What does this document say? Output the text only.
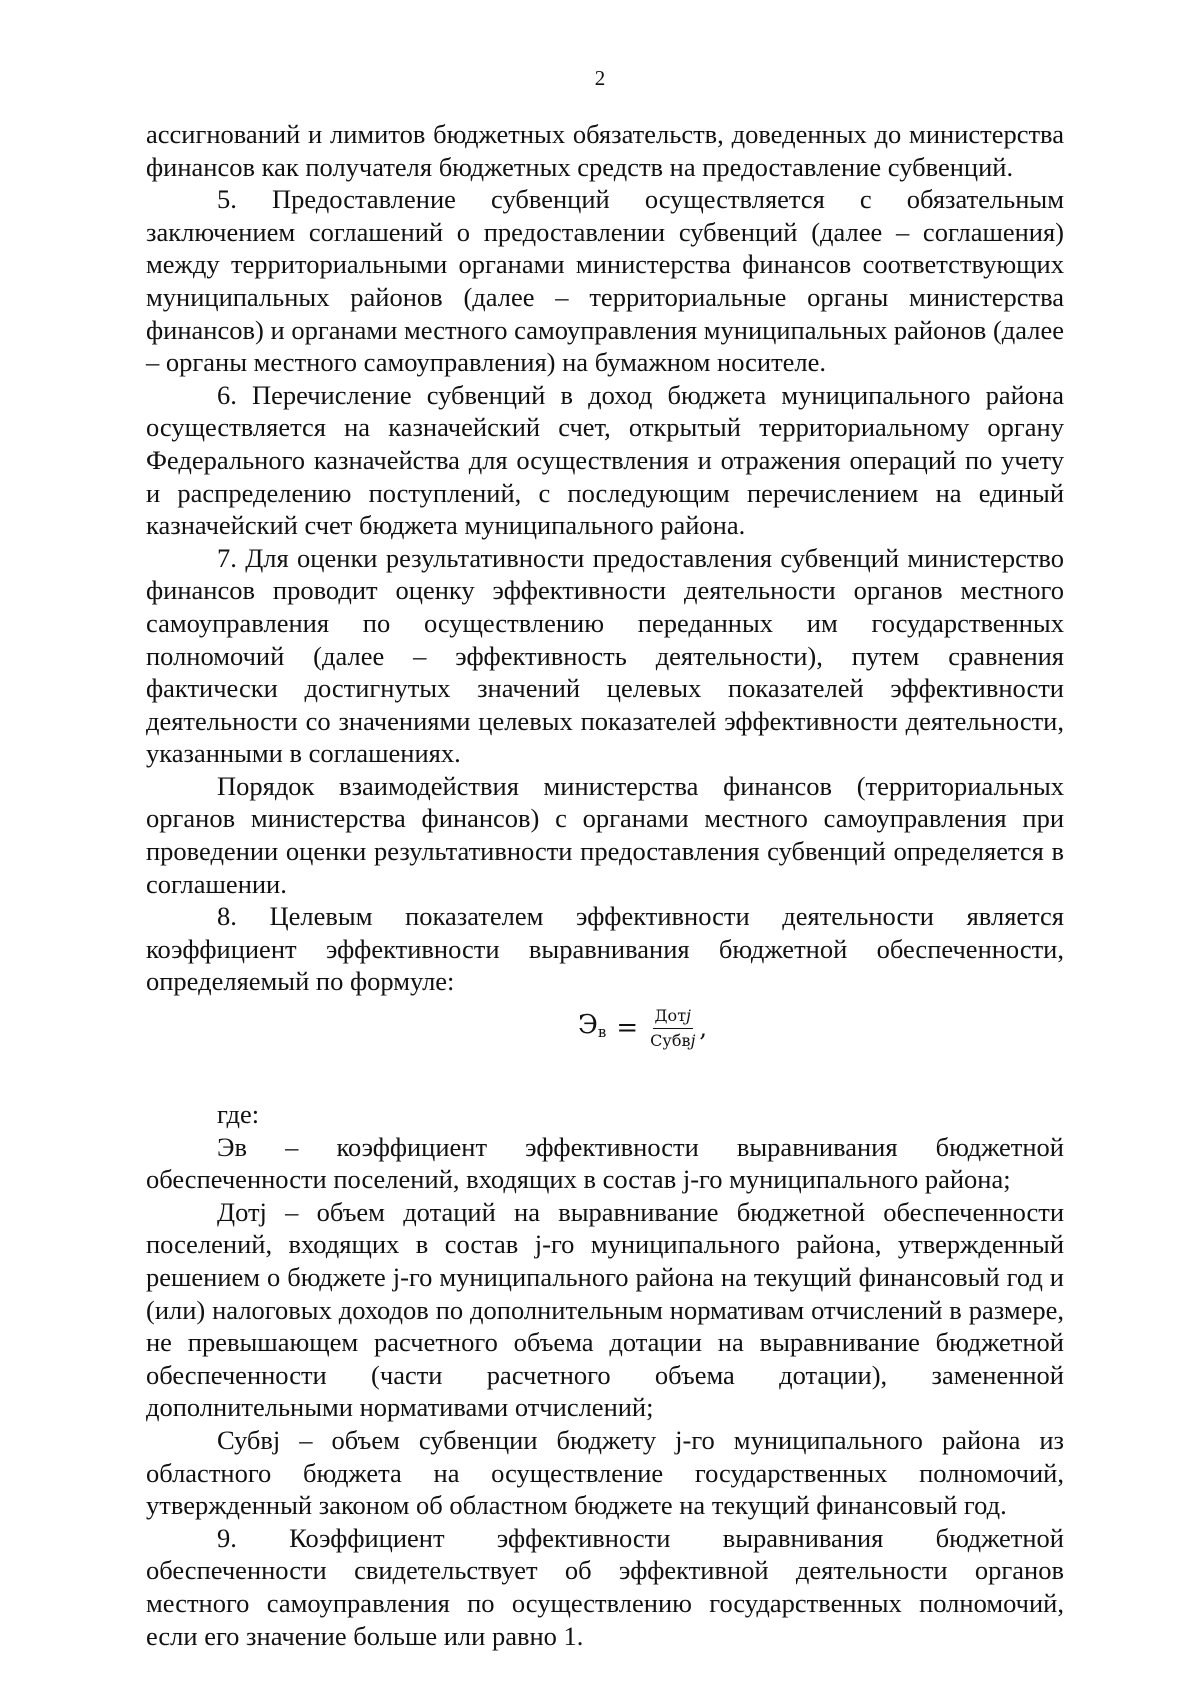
2

ассигнований и лимитов бюджетных обязательств, доведенных до министерства финансов как получателя бюджетных средств на предоставление субвенций.

5. Предоставление субвенций осуществляется с обязательным заключением соглашений о предоставлении субвенций (далее – соглашения) между территориальными органами министерства финансов соответствующих муниципальных районов (далее – территориальные органы министерства финансов) и органами местного самоуправления муниципальных районов (далее – органы местного самоуправления) на бумажном носителе.

6. Перечисление субвенций в доход бюджета муниципального района осуществляется на казначейский счет, открытый территориальному органу Федерального казначейства для осуществления и отражения операций по учету и распределению поступлений, с последующим перечислением на единый казначейский счет бюджета муниципального района.

7. Для оценки результативности предоставления субвенций министерство финансов проводит оценку эффективности деятельности органов местного самоуправления по осуществлению переданных им государственных полномочий (далее – эффективность деятельности), путем сравнения фактически достигнутых значений целевых показателей эффективности деятельности со значениями целевых показателей эффективности деятельности, указанными в соглашениях.

Порядок взаимодействия министерства финансов (территориальных органов министерства финансов) с органами местного самоуправления при проведении оценки результативности предоставления субвенций определяется в соглашении.

8. Целевым показателем эффективности деятельности является коэффициент эффективности выравнивания бюджетной обеспеченности, определяемый по формуле:

$Э_в = \frac{\text{Дотj}}{\text{Субвj}}$ ,

где:

Эв – коэффициент эффективности выравнивания бюджетной обеспеченности поселений, входящих в состав j-го муниципального района;

Дотj – объем дотаций на выравнивание бюджетной обеспеченности поселений, входящих в состав j-го муниципального района, утвержденный решением о бюджете j-го муниципального района на текущий финансовый год и (или) налоговых доходов по дополнительным нормативам отчислений в размере, не превышающем расчетного объема дотации на выравнивание бюджетной обеспеченности (части расчетного объема дотации), замененной дополнительными нормативами отчислений;

Субвj – объем субвенции бюджету j-го муниципального района из областного бюджета на осуществление государственных полномочий, утвержденный законом об областном бюджете на текущий финансовый год.

9. Коэффициент эффективности выравнивания бюджетной обеспеченности свидетельствует об эффективной деятельности органов местного самоуправления по осуществлению государственных полномочий, если его значение больше или равно 1.
